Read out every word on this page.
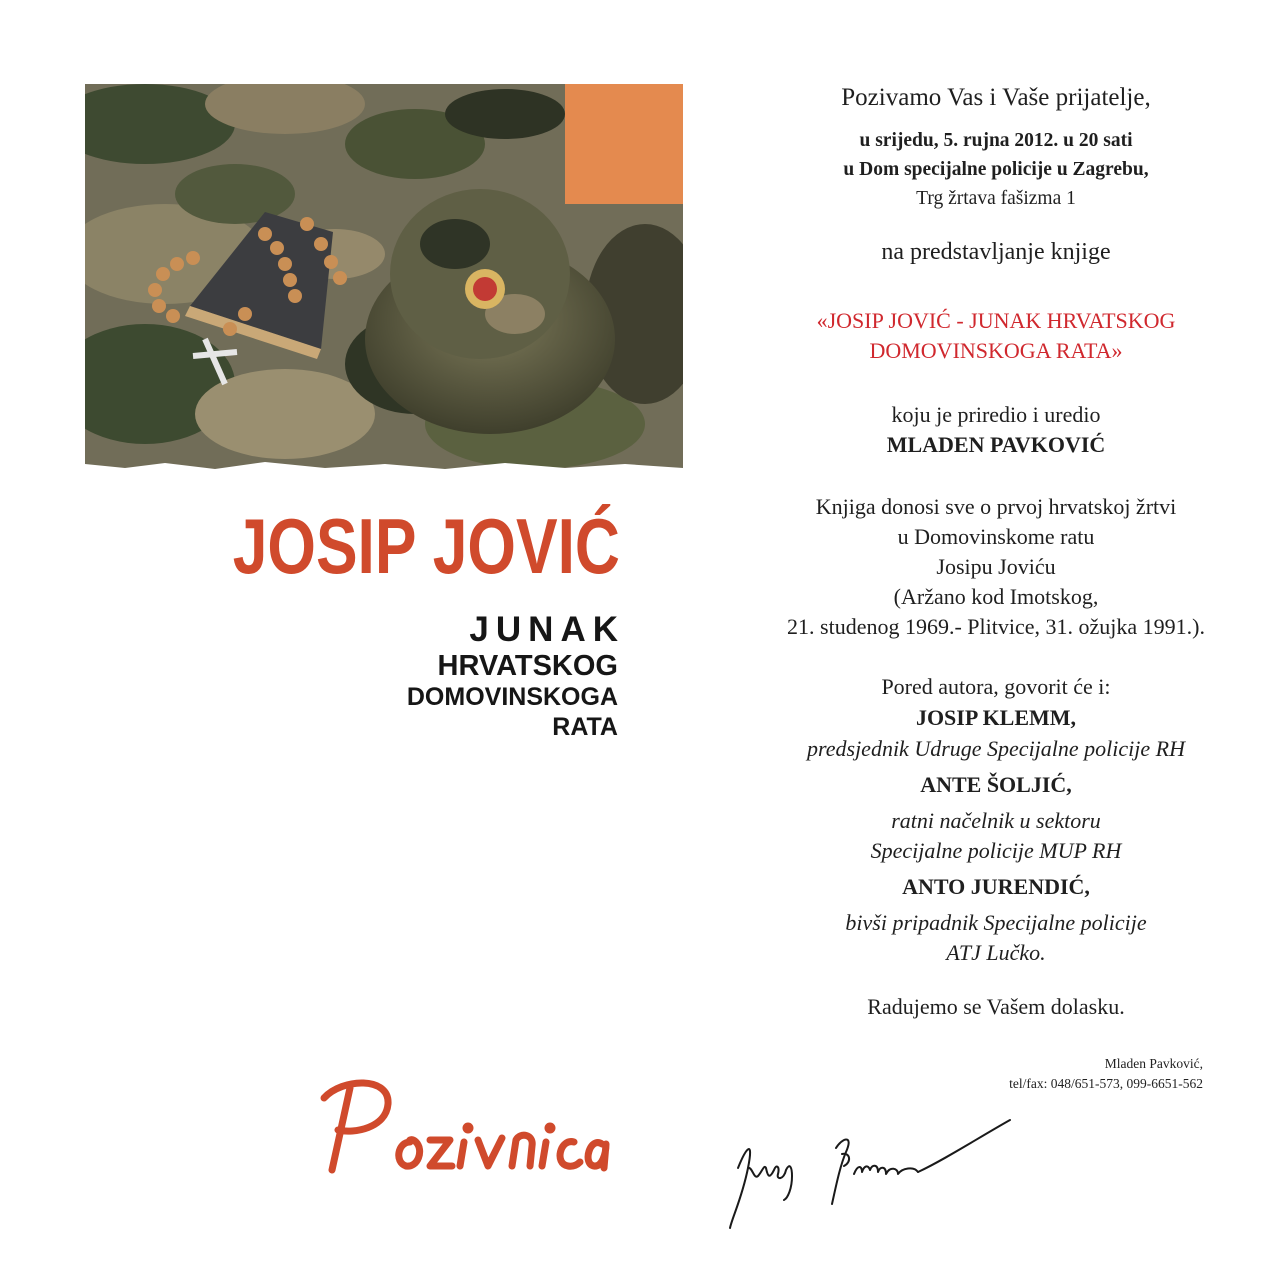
JOSIP JOVIĆ
JUNAK
HRVATSKOG
DOMOVINSKOGA
RATA
Pozivamo Vas i Vaše prijatelje,
u srijedu, 5. rujna 2012. u 20 sati
u Dom specijalne policije u Zagrebu,
Trg žrtava fašizma 1
na predstavljanje knjige
«JOSIP JOVIĆ - JUNAK HRVATSKOG
DOMOVINSKOGA RATA»
koju je priredio i uredio
MLADEN PAVKOVIĆ
Knjiga donosi sve o prvoj hrvatskoj žrtvi
u Domovinskome ratu
Josipu Joviću
(Aržano kod Imotskog,
21. studenog 1969.- Plitvice, 31. ožujka 1991.).
Pored autora, govorit će i:
JOSIP KLEMM,
predsjednik Udruge Specijalne policije RH
ANTE ŠOLJIĆ,
ratni načelnik u sektoru
Specijalne policije MUP RH
ANTO JURENDIĆ,
bivši pripadnik Specijalne policije
ATJ Lučko.
Radujemo se Vašem dolasku.
Mladen Pavković,
tel/fax: 048/651-573, 099-6651-562
